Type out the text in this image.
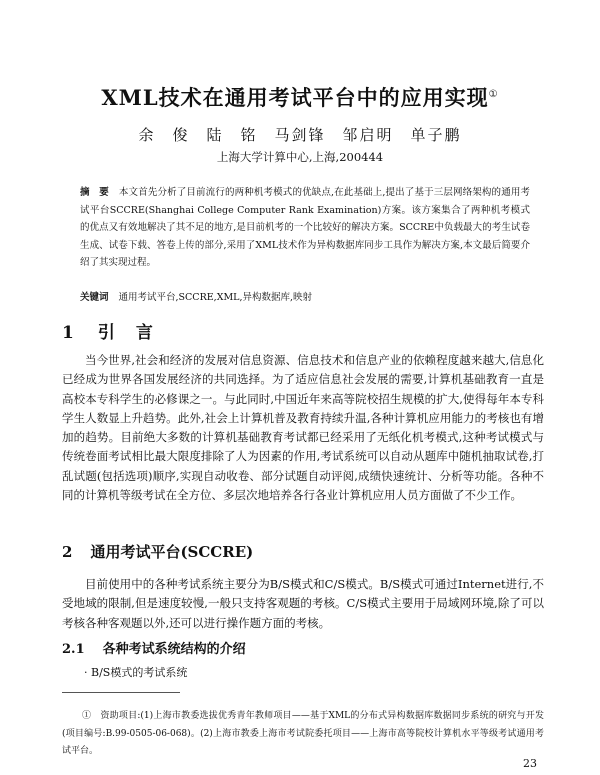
XML技术在通用考试平台中的应用实现①
余　俊　陆　铭　马剑锋　邹启明　单子鹏
上海大学计算中心,上海,200444
摘　要 本文首先分析了目前流行的两种机考模式的优缺点,在此基础上,提出了基于三层网络架构的通用考试平台SCCRE(Shanghai College Computer Rank Examination)方案。该方案集合了两种机考模式的优点又有效地解决了其不足的地方,是目前机考的一个比较好的解决方案。SCCRE中负载最大的考生试卷生成、试卷下载、答卷上传的部分,采用了XML技术作为异构数据库同步工具作为解决方案,本文最后简要介绍了其实现过程。
关键词 通用考试平台,SCCRE,XML,异构数据库,映射
1 引　言
当今世界,社会和经济的发展对信息资源、信息技术和信息产业的依赖程度越来越大,信息化已经成为世界各国发展经济的共同选择。为了适应信息社会发展的需要,计算机基础教育一直是高校本专科学生的必修课之一。与此同时,中国近年来高等院校招生规模的扩大,使得每年本专科学生人数显上升趋势。此外,社会上计算机普及教育持续升温,各种计算机应用能力的考核也有增加的趋势。目前绝大多数的计算机基础教育考试都已经采用了无纸化机考模式,这种考试模式与传统卷面考试相比最大限度排除了人为因素的作用,考试系统可以自动从题库中随机抽取试卷,打乱试题(包括选项)顺序,实现自动收卷、部分试题自动评阅,成绩快速统计、分析等功能。各种不同的计算机等级考试在全方位、多层次地培养各行各业计算机应用人员方面做了不少工作。
2 通用考试平台(SCCRE)
目前使用中的各种考试系统主要分为B/S模式和C/S模式。B/S模式可通过Internet进行,不受地域的限制,但是速度较慢,一般只支持客观题的考核。C/S模式主要用于局域网环境,除了可以考核各种客观题以外,还可以进行操作题方面的考核。
2.1 各种考试系统结构的介绍
· B/S模式的考试系统
①　资助项目:(1)上海市教委选拔优秀青年教师项目——基于XML的分布式异构数据库数据同步系统的研究与开发(项目编号:B.99-0505-06-068)。(2)上海市教委上海市考试院委托项目——上海市高等院校计算机水平等级考试通用考试平台。
23
